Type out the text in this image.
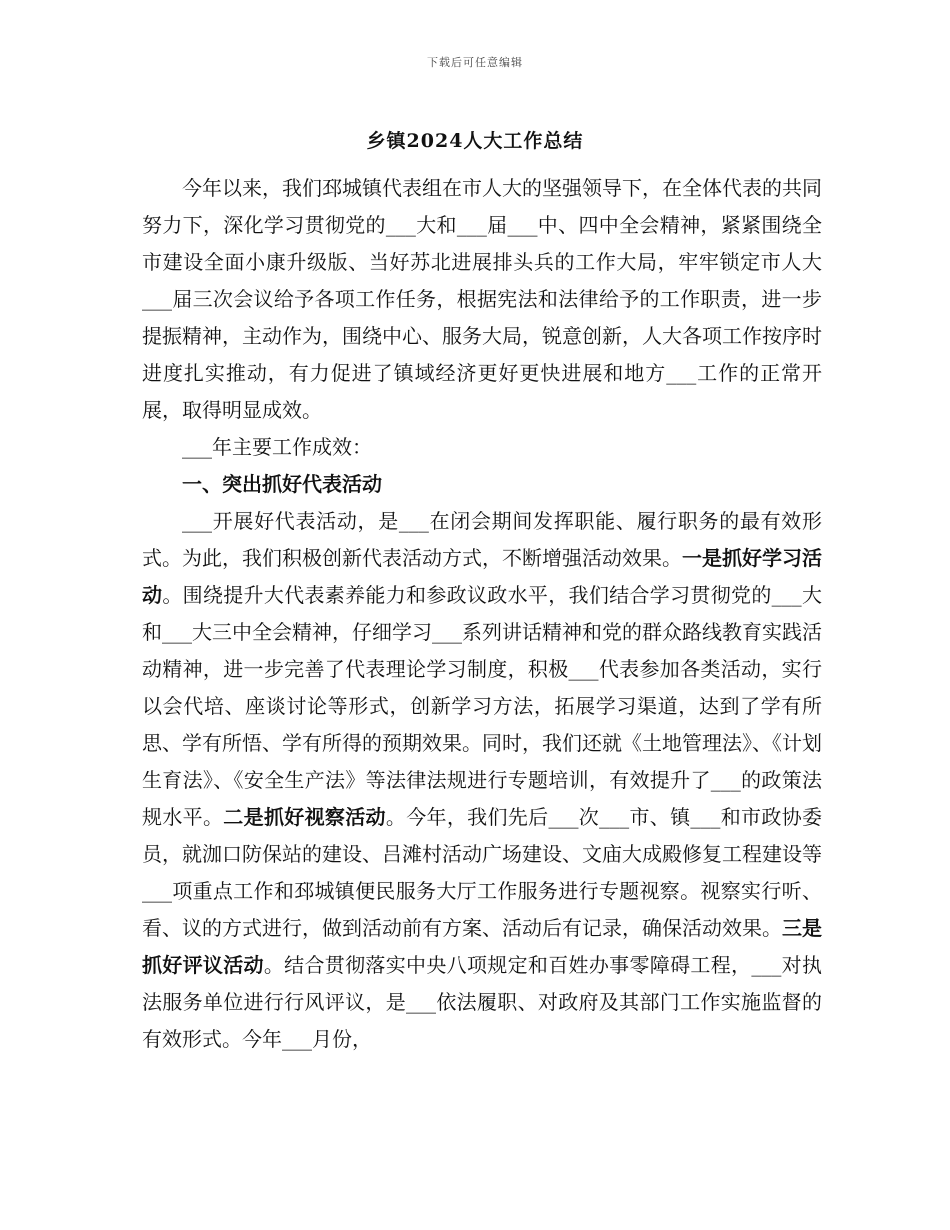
下载后可任意编辑
乡镇2024人大工作总结

今年以来，我们邳城镇代表组在市人大的坚强领导下，在全体代表的共同努力下，深化学习贯彻党的___大和___届___中、四中全会精神，紧紧围绕全市建设全面小康升级版、当好苏北进展排头兵的工作大局，牢牢锁定市人大___届三次会议给予各项工作任务，根据宪法和法律给予的工作职责，进一步提振精神，主动作为，围绕中心、服务大局，锐意创新，人大各项工作按序时进度扎实推动，有力促进了镇域经济更好更快进展和地方___工作的正常开展，取得明显成效。

___年主要工作成效：

一、突出抓好代表活动

___开展好代表活动，是___在闭会期间发挥职能、履行职务的最有效形式。为此，我们积极创新代表活动方式，不断增强活动效果。一是抓好学习活动。围绕提升大代表素养能力和参政议政水平，我们结合学习贯彻党的___大和___大三中全会精神，仔细学习___系列讲话精神和党的群众路线教育实践活动精神，进一步完善了代表理论学习制度，积极___代表参加各类活动，实行以会代培、座谈讨论等形式，创新学习方法，拓展学习渠道，达到了学有所思、学有所悟、学有所得的预期效果。同时，我们还就《土地管理法》、《计划生育法》、《安全生产法》等法律法规进行专题培训，有效提升了___的政策法规水平。二是抓好视察活动。今年，我们先后___次___市、镇___和市政协委员，就泇口防保站的建设、吕滩村活动广场建设、文庙大成殿修复工程建设等___项重点工作和邳城镇便民服务大厅工作服务进行专题视察。视察实行听、看、议的方式进行，做到活动前有方案、活动后有记录，确保活动效果。三是抓好评议活动。结合贯彻落实中央八项规定和百姓办事零障碍工程，___对执法服务单位进行行风评议，是___依法履职、对政府及其部门工作实施监督的有效形式。今年___月份，
